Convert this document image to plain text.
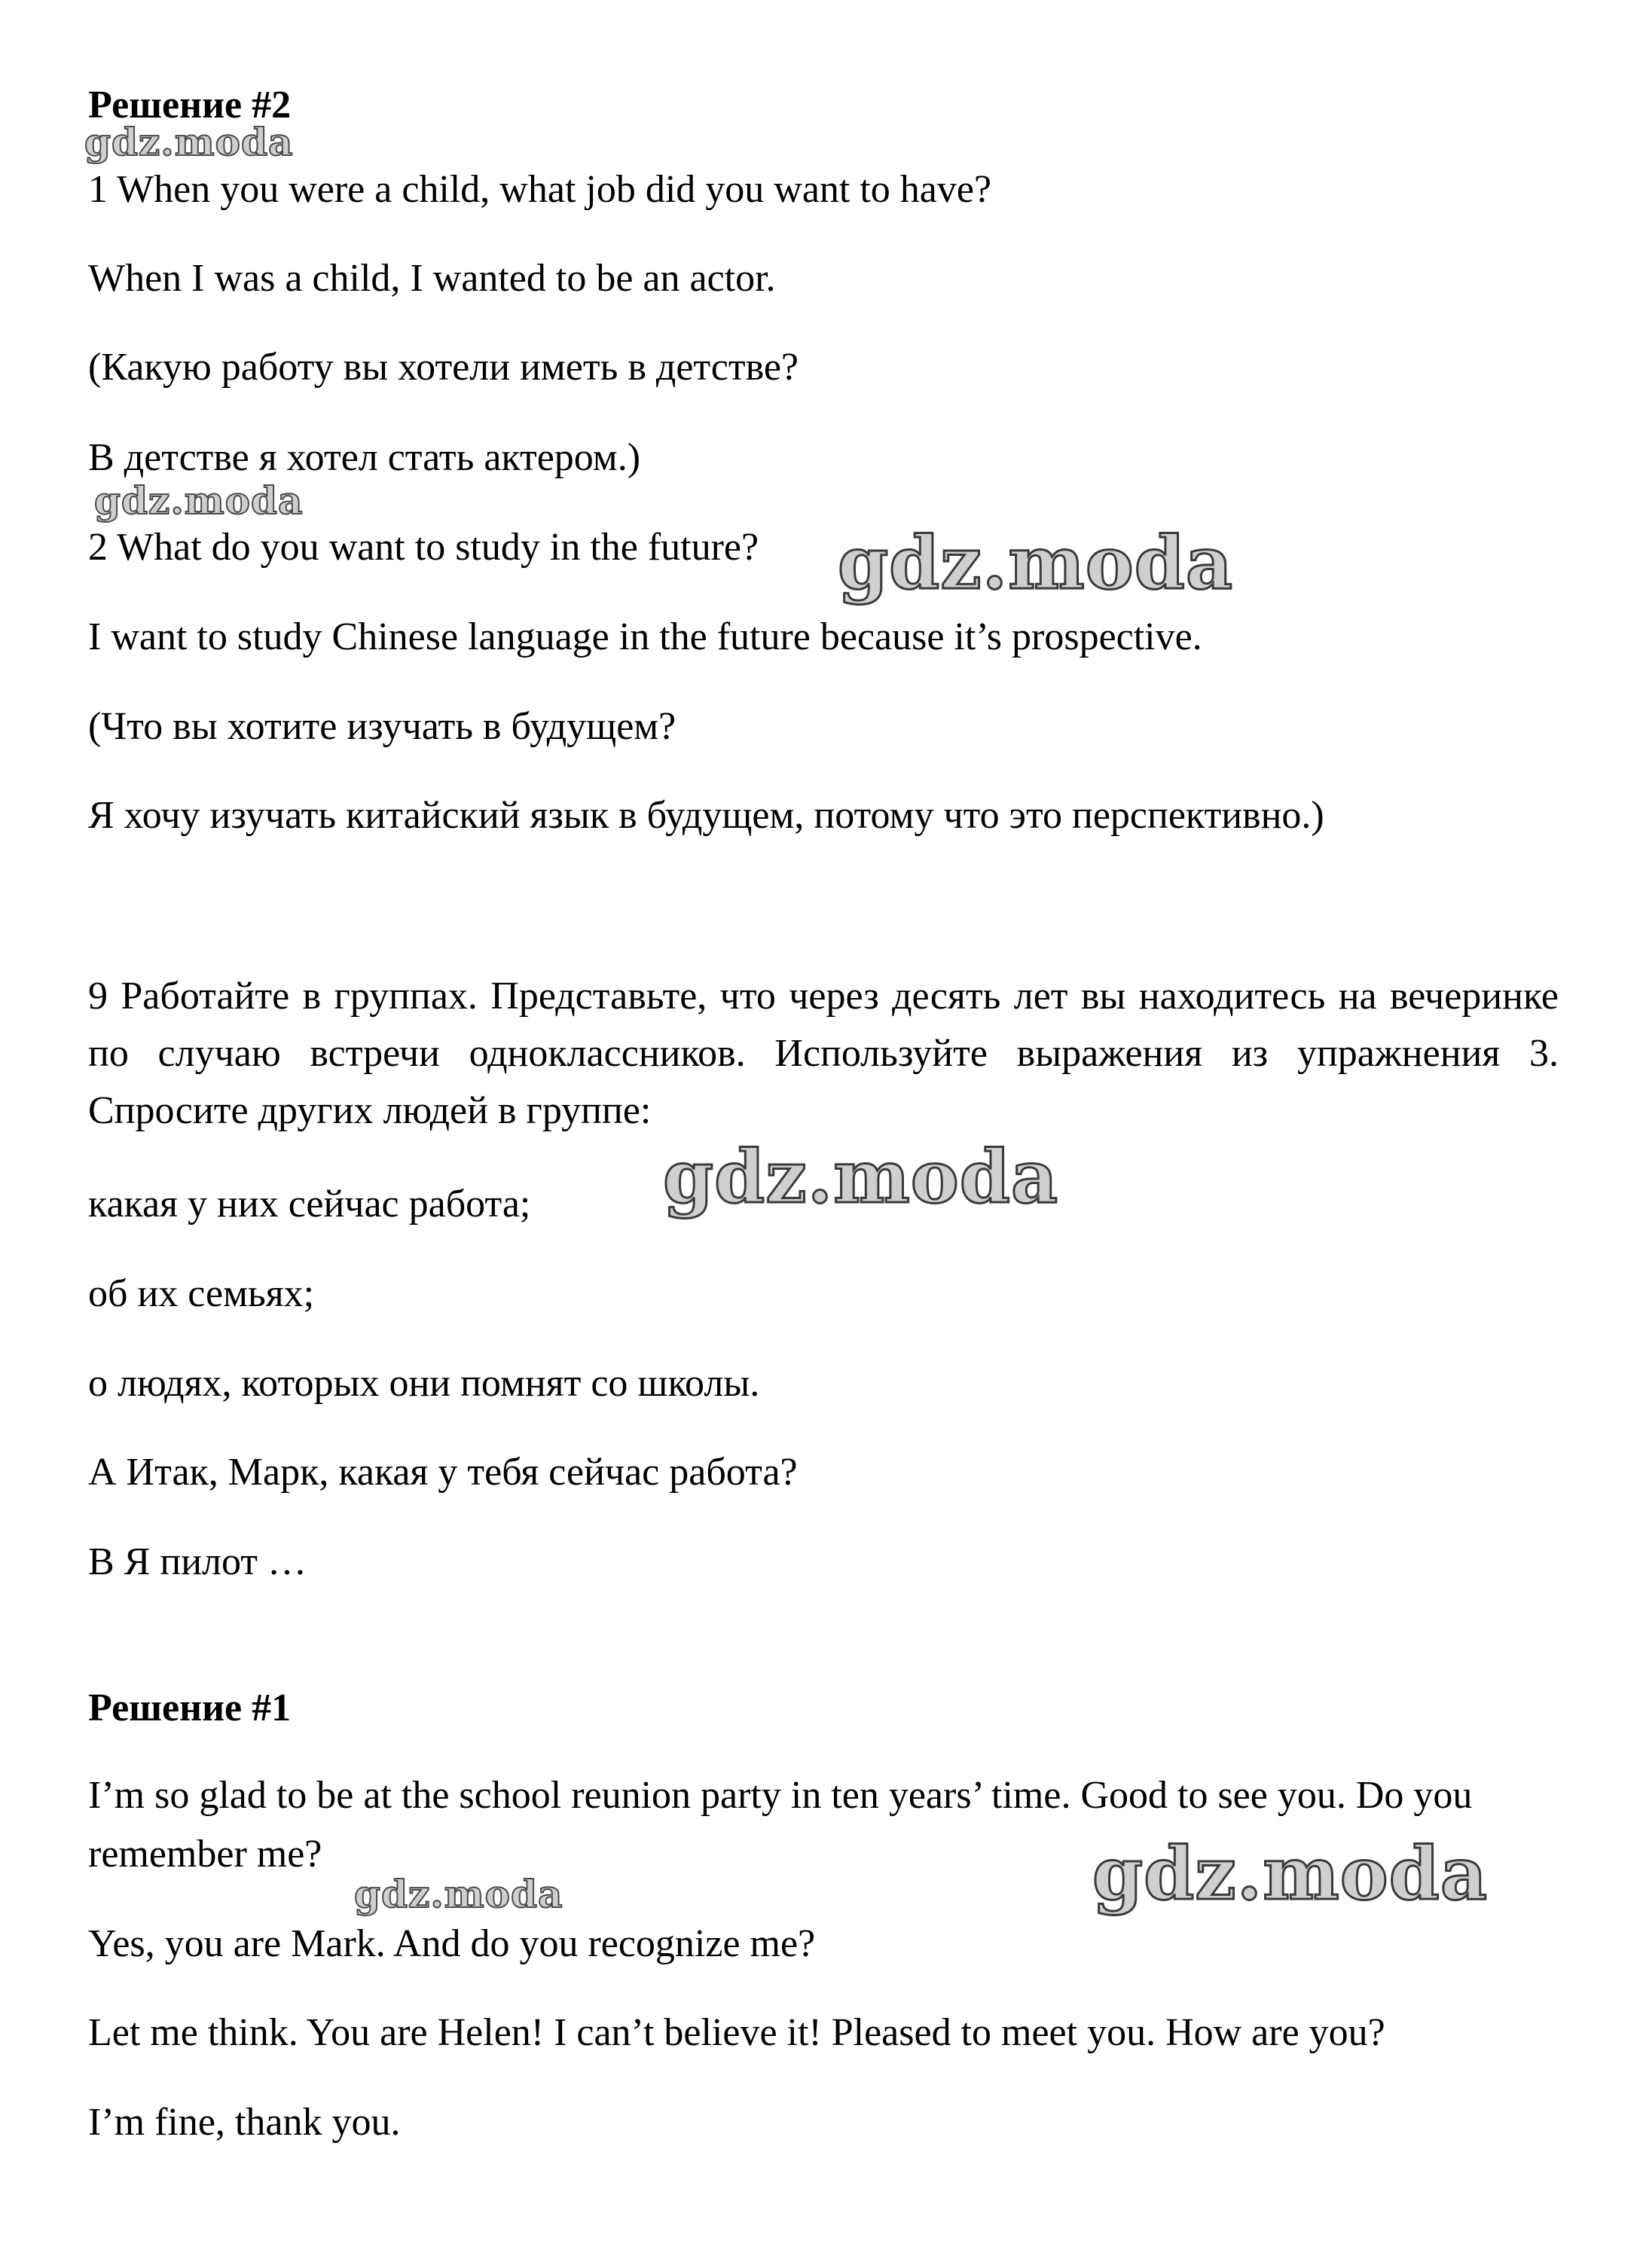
Решение #2
1 When you were a child, what job did you want to have?
When I was a child, I wanted to be an actor.
(Какую работу вы хотели иметь в детстве?
В детстве я хотел стать актером.)
2 What do you want to study in the future?
I want to study Chinese language in the future because it’s prospective.
(Что вы хотите изучать в будущем?
Я хочу изучать китайский язык в будущем, потому что это перспективно.)
9 Работайте в группах. Представьте, что через десять лет вы находитесь на вечеринке по случаю встречи одноклассников. Используйте выражения из упражнения 3. Спросите других людей в группе:
какая у них сейчас работа;
об их семьях;
о людях, которых они помнят со школы.
А Итак, Марк, какая у тебя сейчас работа?
В Я пилот …
Решение #1
I’m so glad to be at the school reunion party in ten years’ time. Good to see you. Do you remember me?
Yes, you are Mark. And do you recognize me?
Let me think. You are Helen! I can’t believe it! Pleased to meet you. How are you?
I’m fine, thank you.
gdz.moda
gdz.moda
gdz.moda
gdz.moda
gdz.moda	gdz.moda
